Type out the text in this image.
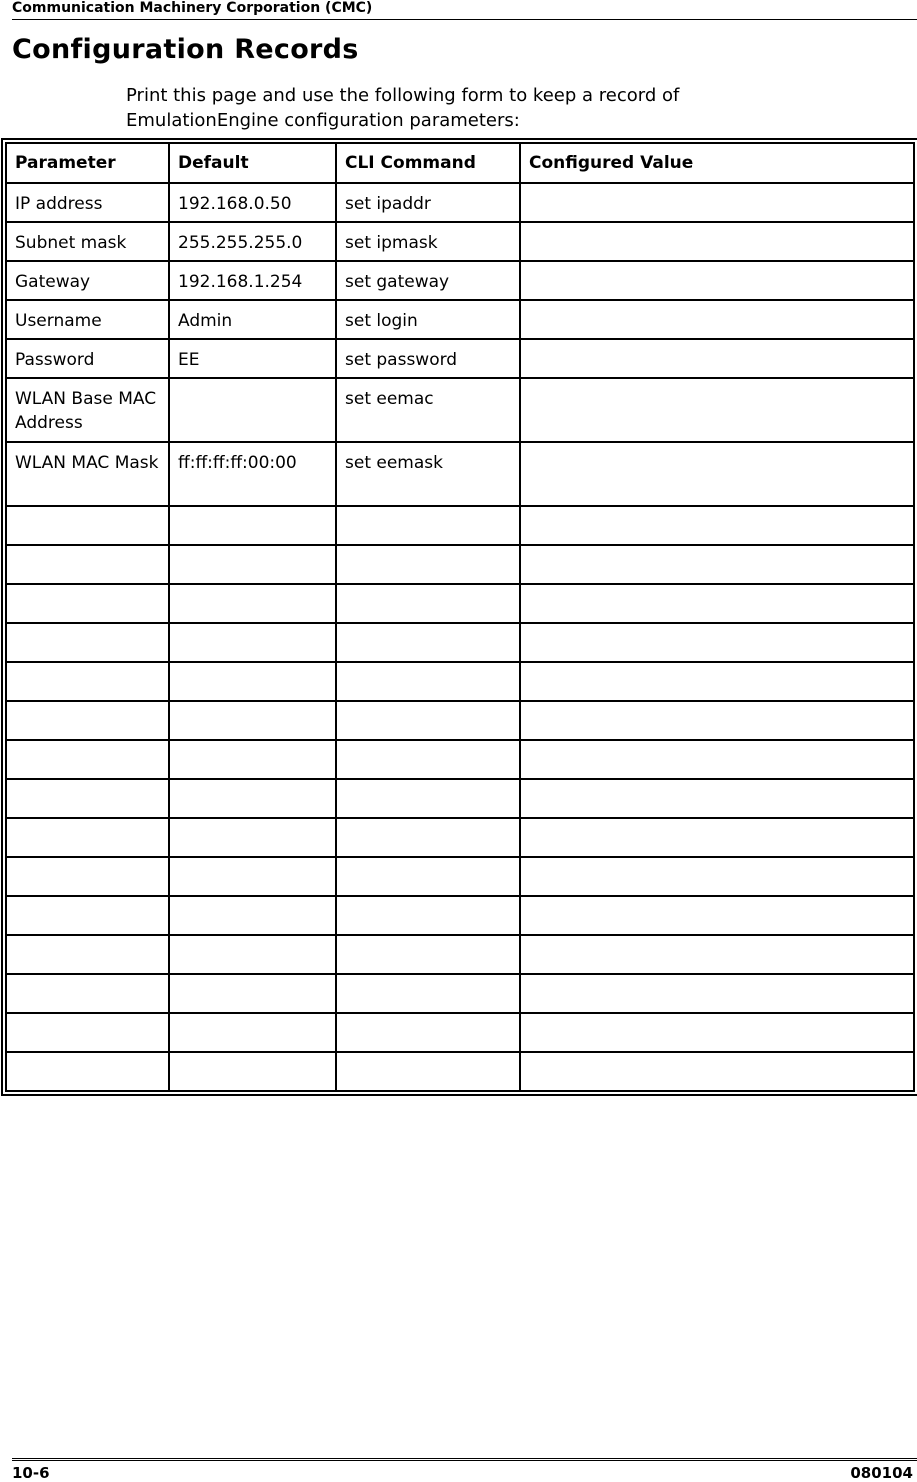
Communication Machinery Corporation (CMC)
Configuration Records
Print this page and use the following form to keep a record of EmulationEngine configuration parameters:
Parameter	Default	CLI Command	Configured Value
IP address	192.168.0.50	set ipaddr	
Subnet mask	255.255.255.0	set ipmask	
Gateway	192.168.1.254	set gateway	
Username	Admin	set login	
Password	EE	set password	
WLAN Base MAC Address		set eemac	
WLAN MAC Mask	ff:ff:ff:ff:00:00	set eemask	

10-6	080104
